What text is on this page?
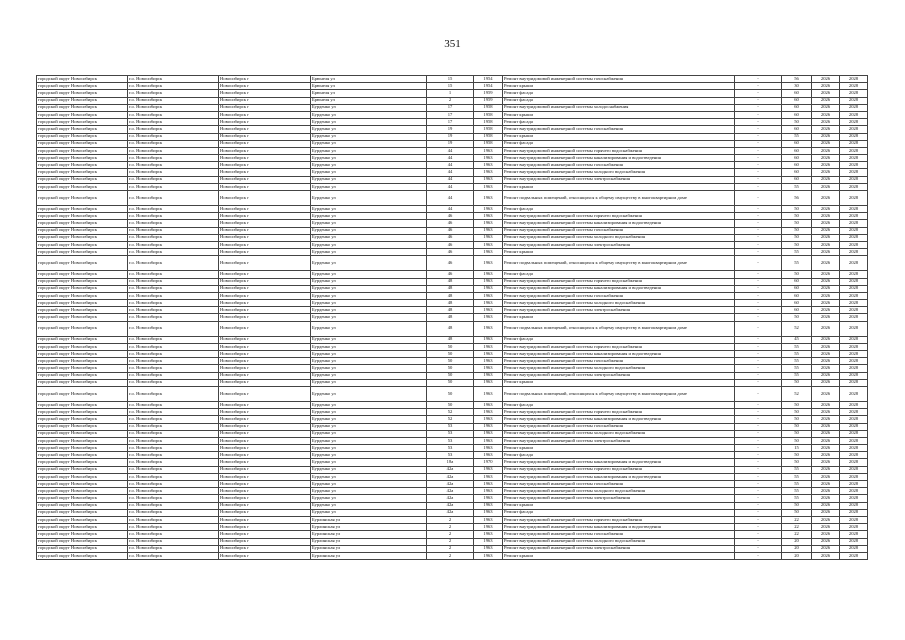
351
городской округ Новосибирск	г.о. Новосибирск	Новосибирск г	Брюнеля ул	15	1954	Ремонт внутридомовой инженерной системы газоснабжения	-	56	2026	2028
городской округ Новосибирск	г.о. Новосибирск	Новосибирск г	Брюнеля ул	15	1954	Ремонт крыши	-	30	2026	2028
городской округ Новосибирск	г.о. Новосибирск	Новосибирск г	Брюнеля ул	1	1959	Ремонт фасада	-	60	2026	2028
городской округ Новосибирск	г.о. Новосибирск	Новосибирск г	Брюнеля ул	2	1959	Ремонт фасада	-	60	2026	2028
городской округ Новосибирск	г.о. Новосибирск	Новосибирск г	Бурденко ул	17	1958	Ремонт внутридомовой инженерной системы холодоснабжения	-	60	2026	2028
городской округ Новосибирск	г.о. Новосибирск	Новосибирск г	Бурденко ул	17	1958	Ремонт крыши	-	60	2026	2028
городской округ Новосибирск	г.о. Новосибирск	Новосибирск г	Бурденко ул	17	1958	Ремонт фасада	-	50	2026	2028
городской округ Новосибирск	г.о. Новосибирск	Новосибирск г	Бурденко ул	19	1958	Ремонт внутридомовой инженерной системы газоснабжения	-	60	2026	2028
городской округ Новосибирск	г.о. Новосибирск	Новосибирск г	Бурденко ул	19	1958	Ремонт крыши	-	55	2026	2028
городской округ Новосибирск	г.о. Новосибирск	Новосибирск г	Бурденко ул	19	1958	Ремонт фасада	-	60	2026	2028
городской округ Новосибирск	г.о. Новосибирск	Новосибирск г	Бурденко ул	44	1963	Ремонт внутридомовой инженерной системы горячего водоснабжения	-	60	2026	2028
городской округ Новосибирск	г.о. Новосибирск	Новосибирск г	Бурденко ул	44	1963	Ремонт внутридомовой инженерной системы канализирования и водоотведения	-	60	2026	2028
городской округ Новосибирск	г.о. Новосибирск	Новосибирск г	Бурденко ул	44	1963	Ремонт внутридомовой инженерной системы газоснабжения	-	60	2026	2028
городской округ Новосибирск	г.о. Новосибирск	Новосибирск г	Бурденко ул	44	1963	Ремонт внутридомовой инженерной системы холодного водоснабжения	-	60	2026	2028
городской округ Новосибирск	г.о. Новосибирск	Новосибирск г	Бурденко ул	44	1963	Ремонт внутридомовой инженерной системы электроснабжения	-	60	2026	2028
городской округ Новосибирск	г.о. Новосибирск	Новосибирск г	Бурденко ул	44	1963	Ремонт крыши	-	55	2026	2028
городской округ Новосибирск	г.о. Новосибирск	Новосибирск г	Бурденко ул	44	1963	Ремонт подвальных помещений, относящихся к общему имуществу в многоквартирном доме	-	56	2026	2028
городской округ Новосибирск	г.о. Новосибирск	Новосибирск г	Бурденко ул	44	1963	Ремонт фасада	-	50	2026	2028
городской округ Новосибирск	г.о. Новосибирск	Новосибирск г	Бурденко ул	46	1963	Ремонт внутридомовой инженерной системы горячего водоснабжения	-	50	2026	2028
городской округ Новосибирск	г.о. Новосибирск	Новосибирск г	Бурденко ул	46	1963	Ремонт внутридомовой инженерной системы канализирования и водоотведения	-	50	2026	2028
городской округ Новосибирск	г.о. Новосибирск	Новосибирск г	Бурденко ул	46	1963	Ремонт внутридомовой инженерной системы газоснабжения	-	50	2026	2028
городской округ Новосибирск	г.о. Новосибирск	Новосибирск г	Бурденко ул	46	1963	Ремонт внутридомовой инженерной системы холодного водоснабжения	-	50	2026	2028
городской округ Новосибирск	г.о. Новосибирск	Новосибирск г	Бурденко ул	46	1963	Ремонт внутридомовой инженерной системы электроснабжения	-	50	2026	2028
городской округ Новосибирск	г.о. Новосибирск	Новосибирск г	Бурденко ул	46	1963	Ремонт крыши	-	55	2026	2028
городской округ Новосибирск	г.о. Новосибирск	Новосибирск г	Бурденко ул	46	1963	Ремонт подвальных помещений, относящихся к общему имуществу в многоквартирном доме	-	55	2026	2028
городской округ Новосибирск	г.о. Новосибирск	Новосибирск г	Бурденко ул	46	1963	Ремонт фасада	-	50	2026	2028
городской округ Новосибирск	г.о. Новосибирск	Новосибирск г	Бурденко ул	48	1963	Ремонт внутридомовой инженерной системы горячего водоснабжения	-	60	2026	2028
городской округ Новосибирск	г.о. Новосибирск	Новосибирск г	Бурденко ул	48	1963	Ремонт внутридомовой инженерной системы канализирования и водоотведения	-	60	2026	2028
городской округ Новосибирск	г.о. Новосибирск	Новосибирск г	Бурденко ул	48	1963	Ремонт внутридомовой инженерной системы газоснабжения	-	60	2026	2028
городской округ Новосибирск	г.о. Новосибирск	Новосибирск г	Бурденко ул	48	1963	Ремонт внутридомовой инженерной системы холодного водоснабжения	-	60	2026	2028
городской округ Новосибирск	г.о. Новосибирск	Новосибирск г	Бурденко ул	48	1963	Ремонт внутридомовой инженерной системы электроснабжения	-	60	2026	2028
городской округ Новосибирск	г.о. Новосибирск	Новосибирск г	Бурденко ул	48	1963	Ремонт крыши	-	50	2026	2028
городской округ Новосибирск	г.о. Новосибирск	Новосибирск г	Бурденко ул	48	1963	Ремонт подвальных помещений, относящихся к общему имуществу в многоквартирном доме	-	52	2026	2028
городской округ Новосибирск	г.о. Новосибирск	Новосибирск г	Бурденко ул	48	1963	Ремонт фасада	-	45	2026	2028
городской округ Новосибирск	г.о. Новосибирск	Новосибирск г	Бурденко ул	50	1963	Ремонт внутридомовой инженерной системы горячего водоснабжения	-	55	2026	2028
городской округ Новосибирск	г.о. Новосибирск	Новосибирск г	Бурденко ул	50	1963	Ремонт внутридомовой инженерной системы канализирования и водоотведения	-	55	2026	2028
городской округ Новосибирск	г.о. Новосибирск	Новосибирск г	Бурденко ул	50	1963	Ремонт внутридомовой инженерной системы газоснабжения	-	55	2026	2028
городской округ Новосибирск	г.о. Новосибирск	Новосибирск г	Бурденко ул	50	1963	Ремонт внутридомовой инженерной системы холодного водоснабжения	-	55	2026	2028
городской округ Новосибирск	г.о. Новосибирск	Новосибирск г	Бурденко ул	50	1963	Ремонт внутридомовой инженерной системы электроснабжения	-	55	2026	2028
городской округ Новосибирск	г.о. Новосибирск	Новосибирск г	Бурденко ул	50	1963	Ремонт крыши	-	50	2026	2028
городской округ Новосибирск	г.о. Новосибирск	Новосибирск г	Бурденко ул	50	1963	Ремонт подвальных помещений, относящихся к общему имуществу в многоквартирном доме	-	52	2026	2028
городской округ Новосибирск	г.о. Новосибирск	Новосибирск г	Бурденко ул	50	1963	Ремонт фасада	-	50	2026	2028
городской округ Новосибирск	г.о. Новосибирск	Новосибирск г	Бурденко ул	52	1963	Ремонт внутридомовой инженерной системы горячего водоснабжения	-	50	2026	2028
городской округ Новосибирск	г.о. Новосибирск	Новосибирск г	Бурденко ул	52	1963	Ремонт внутридомовой инженерной системы канализирования и водоотведения	-	50	2026	2028
городской округ Новосибирск	г.о. Новосибирск	Новосибирск г	Бурденко ул	53	1963	Ремонт внутридомовой инженерной системы газоснабжения	-	50	2026	2028
городской округ Новосибирск	г.о. Новосибирск	Новосибирск г	Бурденко ул	53	1963	Ремонт внутридомовой инженерной системы холодного водоснабжения	-	50	2026	2028
городской округ Новосибирск	г.о. Новосибирск	Новосибирск г	Бурденко ул	53	1963	Ремонт внутридомовой инженерной системы электроснабжения	-	50	2026	2028
городской округ Новосибирск	г.о. Новосибирск	Новосибирск г	Бурденко ул	53	1963	Ремонт крыши	-	15	2026	2028
городской округ Новосибирск	г.о. Новосибирск	Новосибирск г	Бурденко ул	53	1963	Ремонт фасада	-	50	2026	2028
городской округ Новосибирск	г.о. Новосибирск	Новосибирск г	Бурденко ул	18а	1970	Ремонт внутридомовой инженерной системы канализирования и водоотведения	-	50	2026	2028
городской округ Новосибирск	г.о. Новосибирск	Новосибирск г	Бурденко ул	42а	1963	Ремонт внутридомовой инженерной системы горячего водоснабжения	-	55	2026	2028
городской округ Новосибирск	г.о. Новосибирск	Новосибирск г	Бурденко ул	42а	1963	Ремонт внутридомовой инженерной системы канализирования и водоотведения	-	55	2026	2028
городской округ Новосибирск	г.о. Новосибирск	Новосибирск г	Бурденко ул	42а	1963	Ремонт внутридомовой инженерной системы газоснабжения	-	55	2026	2028
городской округ Новосибирск	г.о. Новосибирск	Новосибирск г	Бурденко ул	42а	1963	Ремонт внутридомовой инженерной системы холодного водоснабжения	-	55	2026	2028
городской округ Новосибирск	г.о. Новосибирск	Новосибирск г	Бурденко ул	42а	1963	Ремонт внутридомовой инженерной системы электроснабжения	-	55	2026	2028
городской округ Новосибирск	г.о. Новосибирск	Новосибирск г	Бурденко ул	42а	1963	Ремонт крыши	-	50	2026	2028
городской округ Новосибирск	г.о. Новосибирск	Новосибирск г	Бурденко ул	42а	1963	Ремонт фасада	-	50	2026	2028
городской округ Новосибирск	г.о. Новосибирск	Новосибирск г	Бурлинская ул	2	1963	Ремонт внутридомовой инженерной системы горячего водоснабжения	-	22	2026	2028
городской округ Новосибирск	г.о. Новосибирск	Новосибирск г	Бурлинская ул	2	1963	Ремонт внутридомовой инженерной системы канализирования и водоотведения	-	22	2026	2028
городской округ Новосибирск	г.о. Новосибирск	Новосибирск г	Бурлинская ул	2	1963	Ремонт внутридомовой инженерной системы газоснабжения	-	22	2026	2028
городской округ Новосибирск	г.о. Новосибирск	Новосибирск г	Бурлинская ул	2	1963	Ремонт внутридомовой инженерной системы холодного водоснабжения	-	20	2026	2028
городской округ Новосибирск	г.о. Новосибирск	Новосибирск г	Бурлинская ул	2	1963	Ремонт внутридомовой инженерной системы электроснабжения	-	20	2026	2028
городской округ Новосибирск	г.о. Новосибирск	Новосибирск г	Бурлинская ул	2	1963	Ремонт крыши	-	20	2026	2028
